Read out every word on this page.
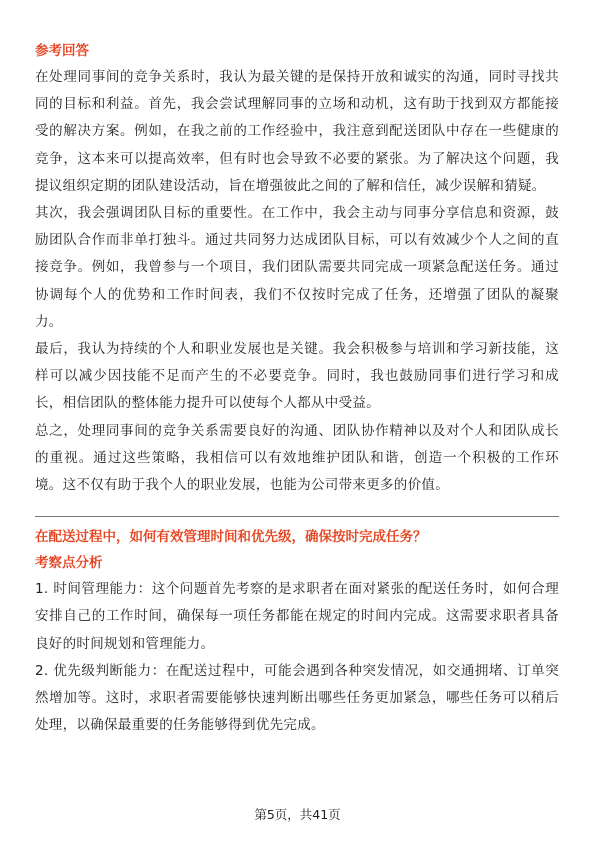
参考回答

在处理同事间的竞争关系时，我认为最关键的是保持开放和诚实的沟通，同时寻找共同的目标和利益。首先，我会尝试理解同事的立场和动机，这有助于找到双方都能接受的解决方案。例如，在我之前的工作经验中，我注意到配送团队中存在一些健康的竞争，这本来可以提高效率，但有时也会导致不必要的紧张。为了解决这个问题，我提议组织定期的团队建设活动，旨在增强彼此之间的了解和信任，减少误解和猜疑。

其次，我会强调团队目标的重要性。在工作中，我会主动与同事分享信息和资源，鼓励团队合作而非单打独斗。通过共同努力达成团队目标，可以有效减少个人之间的直接竞争。例如，我曾参与一个项目，我们团队需要共同完成一项紧急配送任务。通过协调每个人的优势和工作时间表，我们不仅按时完成了任务，还增强了团队的凝聚力。

最后，我认为持续的个人和职业发展也是关键。我会积极参与培训和学习新技能，这样可以减少因技能不足而产生的不必要竞争。同时，我也鼓励同事们进行学习和成长，相信团队的整体能力提升可以使每个人都从中受益。

总之，处理同事间的竞争关系需要良好的沟通、团队协作精神以及对个人和团队成长的重视。通过这些策略，我相信可以有效地维护团队和谐，创造一个积极的工作环境。这不仅有助于我个人的职业发展，也能为公司带来更多的价值。

在配送过程中，如何有效管理时间和优先级，确保按时完成任务？
考察点分析

1. 时间管理能力：这个问题首先考察的是求职者在面对紧张的配送任务时，如何合理安排自己的工作时间，确保每一项任务都能在规定的时间内完成。这需要求职者具备良好的时间规划和管理能力。

2. 优先级判断能力：在配送过程中，可能会遇到各种突发情况，如交通拥堵、订单突然增加等。这时，求职者需要能够快速判断出哪些任务更加紧急，哪些任务可以稍后处理，以确保最重要的任务能够得到优先完成。

第5页，共41页
